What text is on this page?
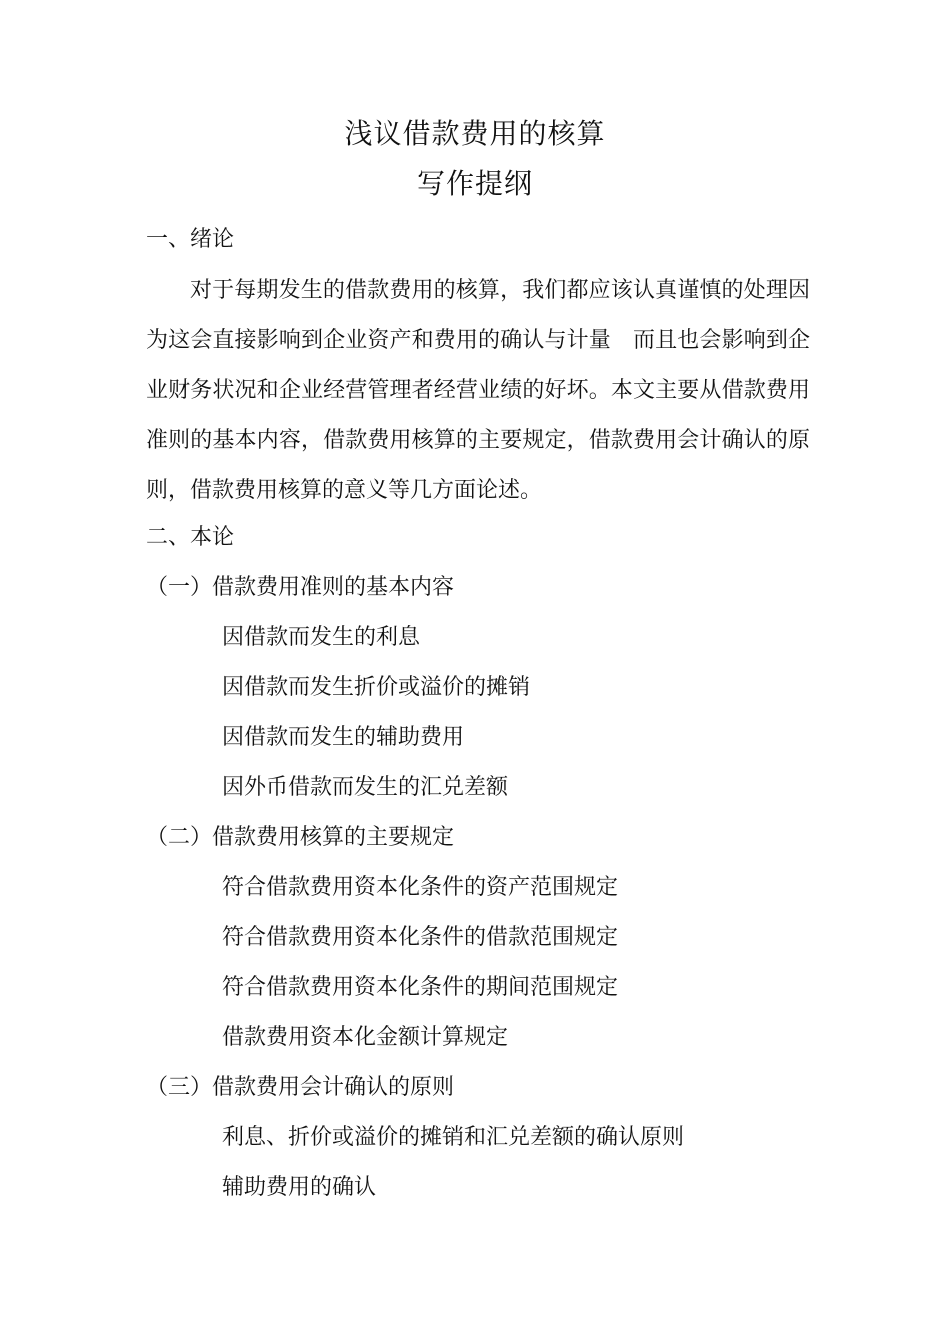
浅议借款费用的核算
写作提纲

一、绪论

对于每期发生的借款费用的核算，我们都应该认真谨慎的处理因为这会直接影响到企业资产和费用的确认与计量　而且也会影响到企业财务状况和企业经营管理者经营业绩的好坏。本文主要从借款费用准则的基本内容，借款费用核算的主要规定，借款费用会计确认的原则，借款费用核算的意义等几方面论述。

二、本论

（一）借款费用准则的基本内容

因借款而发生的利息

因借款而发生折价或溢价的摊销

因借款而发生的辅助费用

因外币借款而发生的汇兑差额

（二）借款费用核算的主要规定

符合借款费用资本化条件的资产范围规定

符合借款费用资本化条件的借款范围规定

符合借款费用资本化条件的期间范围规定

借款费用资本化金额计算规定

（三）借款费用会计确认的原则

利息、折价或溢价的摊销和汇兑差额的确认原则

辅助费用的确认
